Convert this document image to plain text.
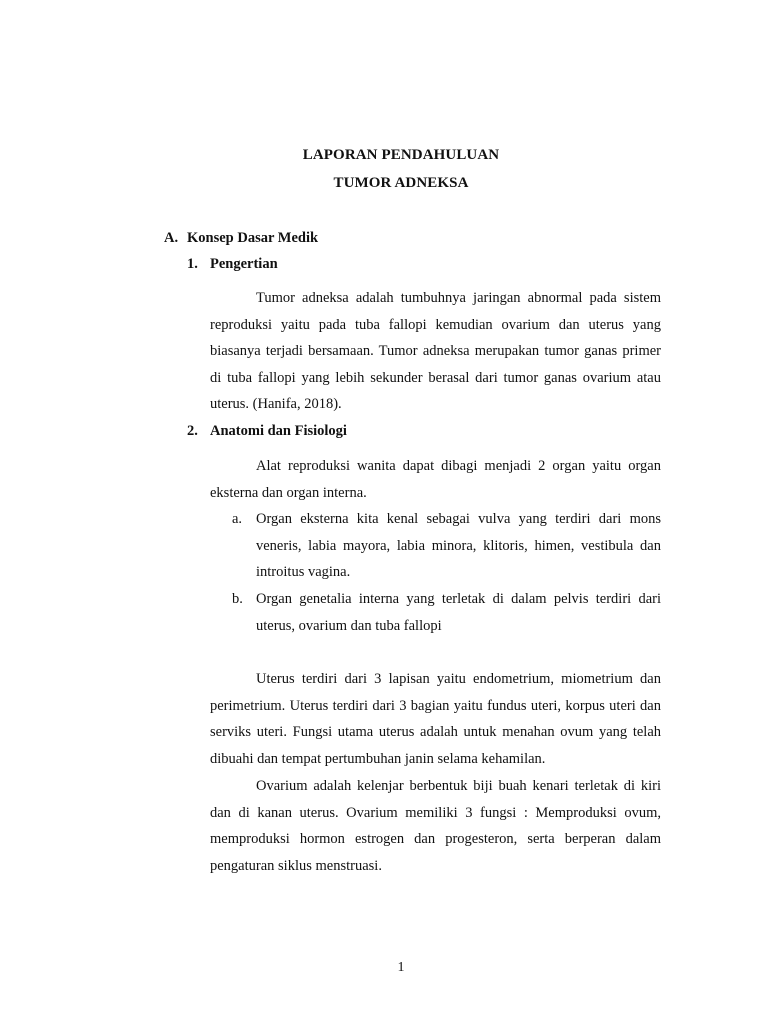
LAPORAN PENDAHULUAN
TUMOR ADNEKSA
A. Konsep Dasar Medik
1. Pengertian

Tumor adneksa adalah tumbuhnya jaringan abnormal pada sistem reproduksi yaitu pada tuba fallopi kemudian ovarium dan uterus yang biasanya terjadi bersamaan. Tumor adneksa merupakan tumor ganas primer di tuba fallopi yang lebih sekunder berasal dari tumor ganas ovarium atau uterus. (Hanifa, 2018).

2. Anatomi dan Fisiologi

Alat reproduksi wanita dapat dibagi menjadi 2 organ yaitu organ eksterna dan organ interna.

a. Organ eksterna kita kenal sebagai vulva yang terdiri dari mons veneris, labia mayora, labia minora, klitoris, himen, vestibula dan introitus vagina.
b. Organ genetalia interna yang terletak di dalam pelvis terdiri dari uterus, ovarium dan tuba fallopi

Uterus terdiri dari 3 lapisan yaitu endometrium, miometrium dan perimetrium. Uterus terdiri dari 3 bagian yaitu fundus uteri, korpus uteri dan serviks uteri. Fungsi utama uterus adalah untuk menahan ovum yang telah dibuahi dan tempat pertumbuhan janin selama kehamilan.

Ovarium adalah kelenjar berbentuk biji buah kenari terletak di kiri dan di kanan uterus. Ovarium memiliki 3 fungsi : Memproduksi ovum, memproduksi hormon estrogen dan progesteron, serta berperan dalam pengaturan siklus menstruasi.

1
